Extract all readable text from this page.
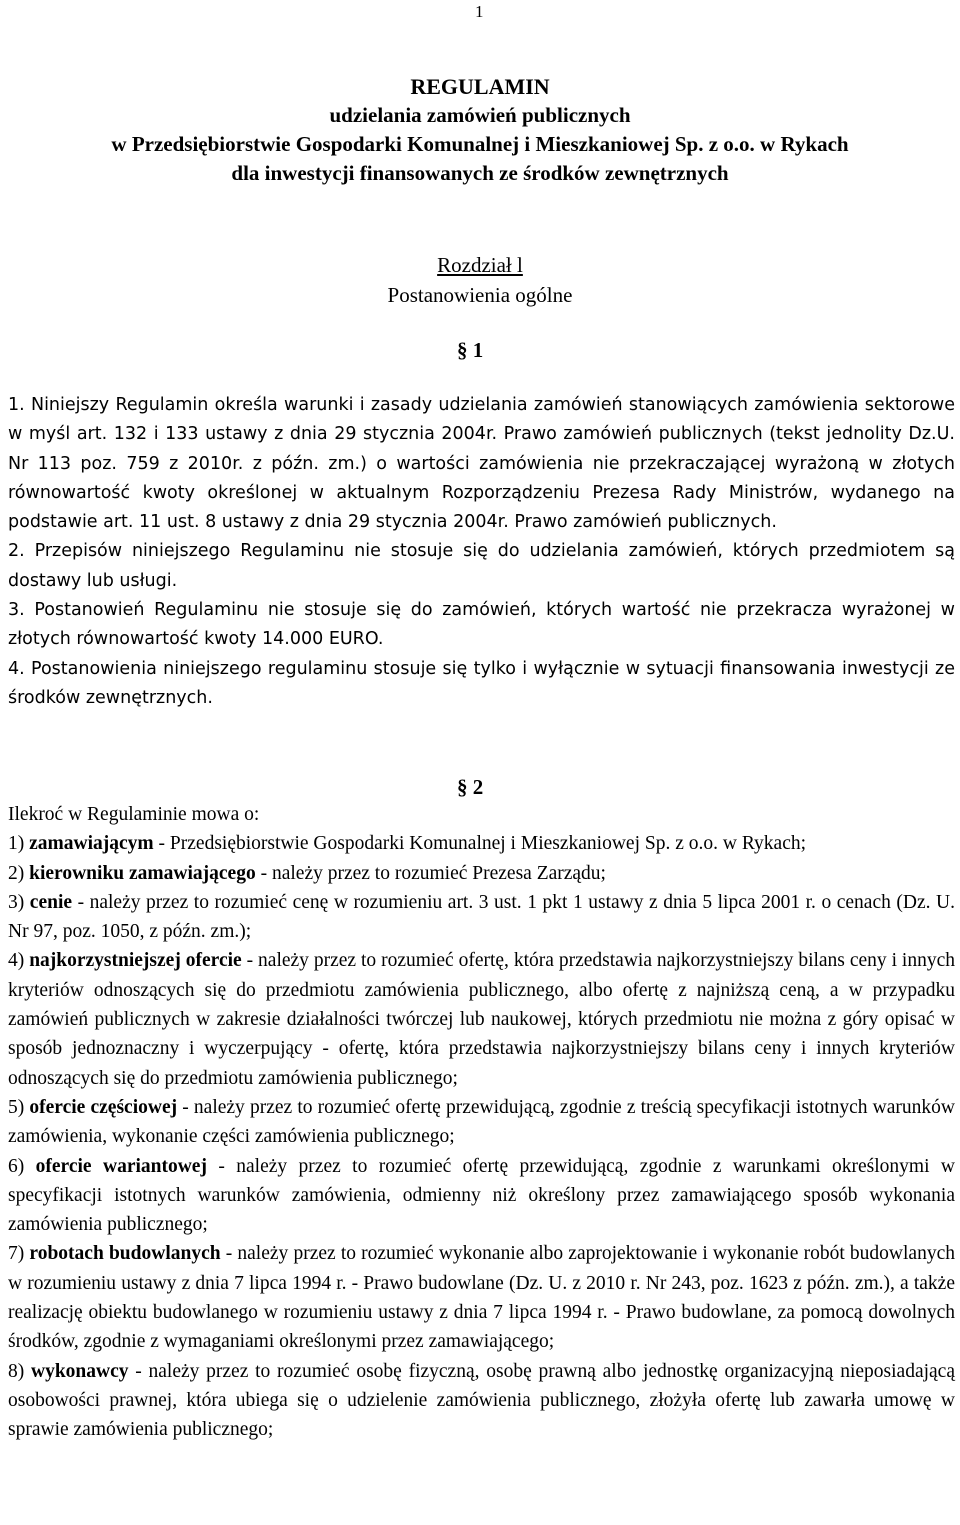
1
REGULAMIN
udzielania zamówień publicznych
w Przedsiębiorstwie Gospodarki Komunalnej i Mieszkaniowej Sp. z o.o. w Rykach
dla inwestycji finansowanych ze środków zewnętrznych
Rozdział l
Postanowienia ogólne
§ 1

1. Niniejszy Regulamin określa warunki i zasady udzielania zamówień stanowiących zamówienia sektorowe w myśl art. 132 i 133 ustawy z dnia 29 stycznia 2004r. Prawo zamówień publicznych (tekst jednolity Dz.U. Nr 113 poz. 759 z 2010r. z późn. zm.) o wartości zamówienia nie przekraczającej wyrażoną w złotych równowartość kwoty określonej w aktualnym Rozporządzeniu Prezesa Rady Ministrów, wydanego na podstawie art. 11 ust. 8 ustawy z dnia 29 stycznia 2004r. Prawo zamówień publicznych.

2. Przepisów niniejszego Regulaminu nie stosuje się do udzielania zamówień, których przedmiotem są dostawy lub usługi.

3. Postanowień Regulaminu nie stosuje się do zamówień, których wartość nie przekracza wyrażonej w złotych równowartość kwoty 14.000 EURO.

4. Postanowienia niniejszego regulaminu stosuje się tylko i wyłącznie w sytuacji finansowania inwestycji ze środków zewnętrznych.

§ 2

Ilekroć w Regulaminie mowa o:

1) zamawiającym - Przedsiębiorstwie Gospodarki Komunalnej i Mieszkaniowej Sp. z o.o. w Rykach;

2) kierowniku zamawiającego - należy przez to rozumieć Prezesa Zarządu;

3) cenie - należy przez to rozumieć cenę w rozumieniu art. 3 ust. 1 pkt 1 ustawy z dnia 5 lipca 2001 r. o cenach (Dz. U. Nr 97, poz. 1050, z późn. zm.);

4) najkorzystniejszej ofercie - należy przez to rozumieć ofertę, która przedstawia najkorzystniejszy bilans ceny i innych kryteriów odnoszących się do przedmiotu zamówienia publicznego, albo ofertę z najniższą ceną, a w przypadku zamówień publicznych w zakresie działalności twórczej lub naukowej, których przedmiotu nie można z góry opisać w sposób jednoznaczny i wyczerpujący - ofertę, która przedstawia najkorzystniejszy bilans ceny i innych kryteriów odnoszących się do przedmiotu zamówienia publicznego;

5) ofercie częściowej - należy przez to rozumieć ofertę przewidującą, zgodnie z treścią specyfikacji istotnych warunków zamówienia, wykonanie części zamówienia publicznego;

6) ofercie wariantowej - należy przez to rozumieć ofertę przewidującą, zgodnie z warunkami określonymi w specyfikacji istotnych warunków zamówienia, odmienny niż określony przez zamawiającego sposób wykonania zamówienia publicznego;

7) robotach budowlanych - należy przez to rozumieć wykonanie albo zaprojektowanie i wykonanie robót budowlanych w rozumieniu ustawy z dnia 7 lipca 1994 r. - Prawo budowlane (Dz. U. z 2010 r. Nr 243, poz. 1623 z późn. zm.), a także realizację obiektu budowlanego w rozumieniu ustawy z dnia 7 lipca 1994 r. - Prawo budowlane, za pomocą dowolnych środków, zgodnie z wymaganiami określonymi przez zamawiającego;

8) wykonawcy - należy przez to rozumieć osobę fizyczną, osobę prawną albo jednostkę organizacyjną nieposiadającą osobowości prawnej, która ubiega się o udzielenie zamówienia publicznego, złożyła ofertę lub zawarła umowę w sprawie zamówienia publicznego;
